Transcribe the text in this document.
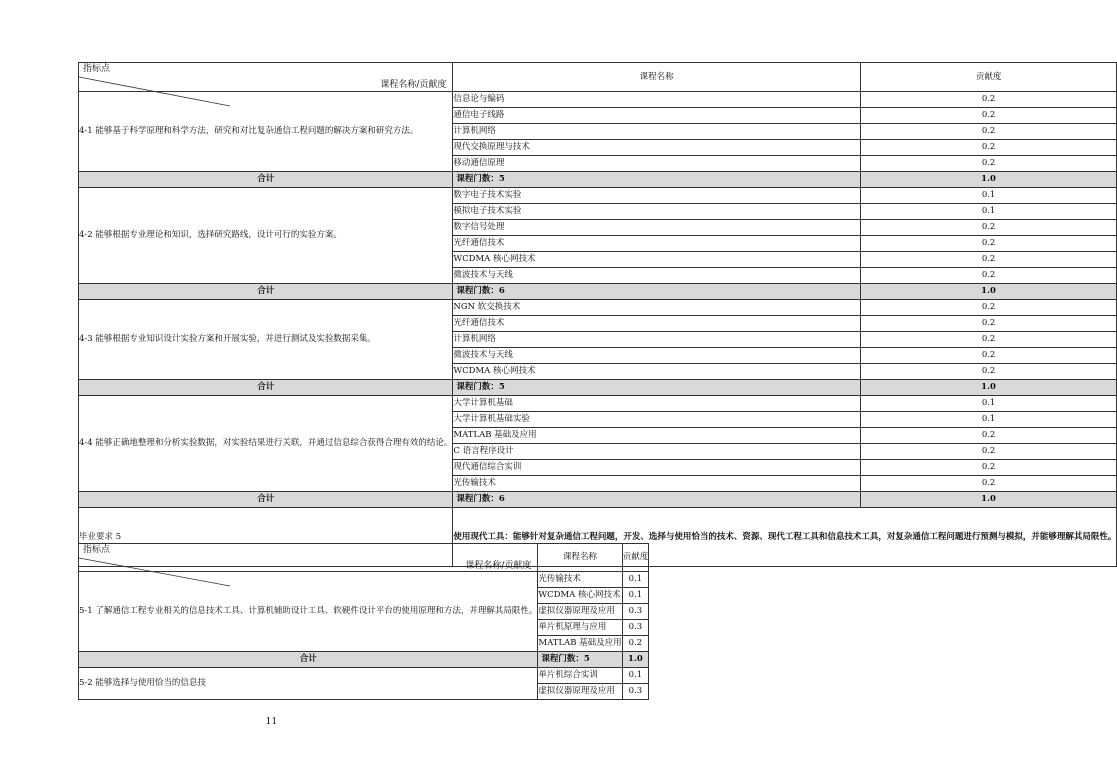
课程名称/贡献度
指标点	课程名称	贡献度
4-1 能够基于科学原理和科学方法，研究和对比复杂通信工程问题的解决方案和研究方法。	信息论与编码	0.2
	通信电子线路	0.2
	计算机网络	0.2
	现代交换原理与技术	0.2
	移动通信原理	0.2
合计	课程门数：5	1.0
4-2 能够根据专业理论和知识，选择研究路线，设计可行的实验方案。	数字电子技术实验	0.1
	模拟电子技术实验	0.1
	数字信号处理	0.2
	光纤通信技术	0.2
	WCDMA 核心网技术	0.2
	微波技术与天线	0.2
合计	课程门数：6	1.0
4-3 能够根据专业知识设计实验方案和开展实验，并进行测试及实验数据采集。	NGN 软交换技术	0.2
	光纤通信技术	0.2
	计算机网络	0.2
	微波技术与天线	0.2
	WCDMA 核心网技术	0.2
合计	课程门数：5	1.0
4-4 能够正确地整理和分析实验数据，对实验结果进行关联，并通过信息综合获得合理有效的结论。	大学计算机基础	0.1
	大学计算机基础实验	0.1
	MATLAB 基础及应用	0.2
	C 语言程序设计	0.2
	现代通信综合实训	0.2
	光传输技术	0.2
合计	课程门数：6	1.0
毕业要求 5	使用现代工具：能够针对复杂通信工程问题，开发、选择与使用恰当的技术、资源、现代工程工具和信息技术工具，对复杂通信工程问题进行预测与模拟，并能够理解其局限性。	
课程名称/贡献度
指标点	课程名称	贡献度
5-1 了解通信工程专业相关的信息技术工具、计算机辅助设计工具、软硬件设计平台的使用原理和方法，并理解其局限性。	光传输技术	0.1
	WCDMA 核心网技术	0.1
	虚拟仪器原理及应用	0.3
	单片机原理与应用	0.3
	MATLAB 基础及应用	0.2
合计	课程门数：5	1.0
5-2 能够选择与使用恰当的信息技	单片机综合实训	0.1
	虚拟仪器原理及应用	0.3
11
